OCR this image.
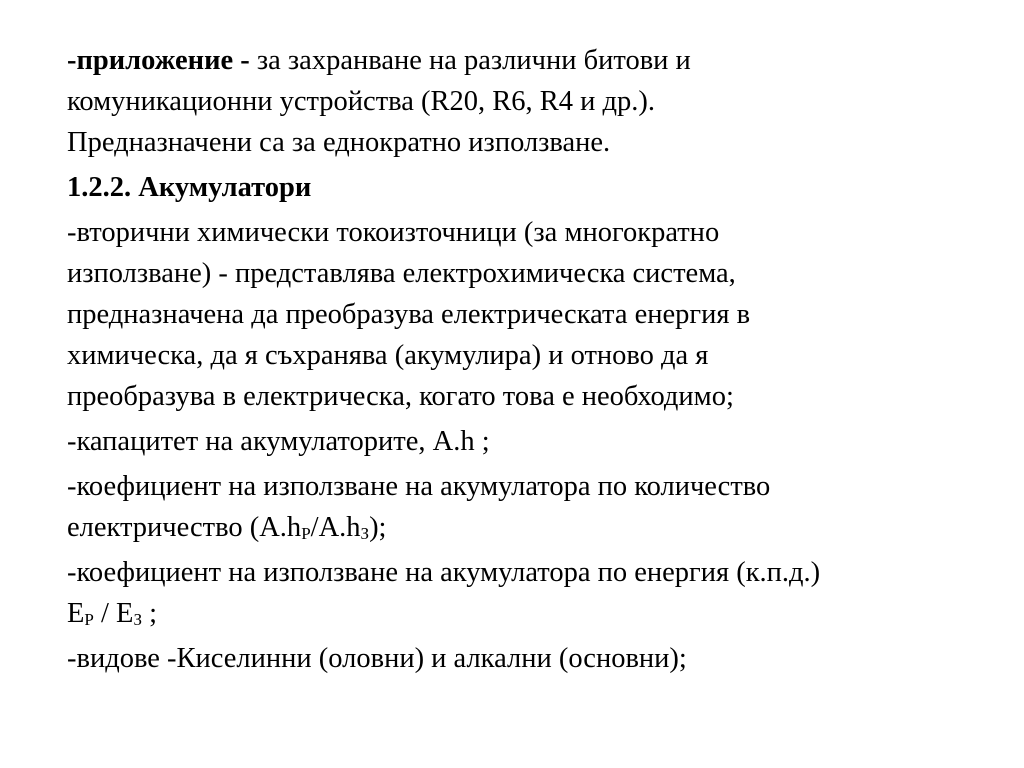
-приложение - за захранване на различни битови и
комуникационни устройства (R20, R6, R4 и др.).
Предназначени са за еднократно използване.

1.2.2. Акумулатори

-вторични химически токоизточници (за многократно
използване) - представлява електрохимическа система,
предназначена да преобразува електрическата енергия в
химическа, да я съхранява (акумулира) и отново да я
преобразува в електрическа, когато това е необходимо;

-капацитет на акумулаторите, A.h ;

-коефициент на използване на акумулатора по количество
електричество $(A.h_P/A.h_З)$;

-коефициент на използване на акумулатора по енергия (к.п.д.)
$E_P / E_З$ ;

-видове -Киселинни (оловни) и алкални (основни);
